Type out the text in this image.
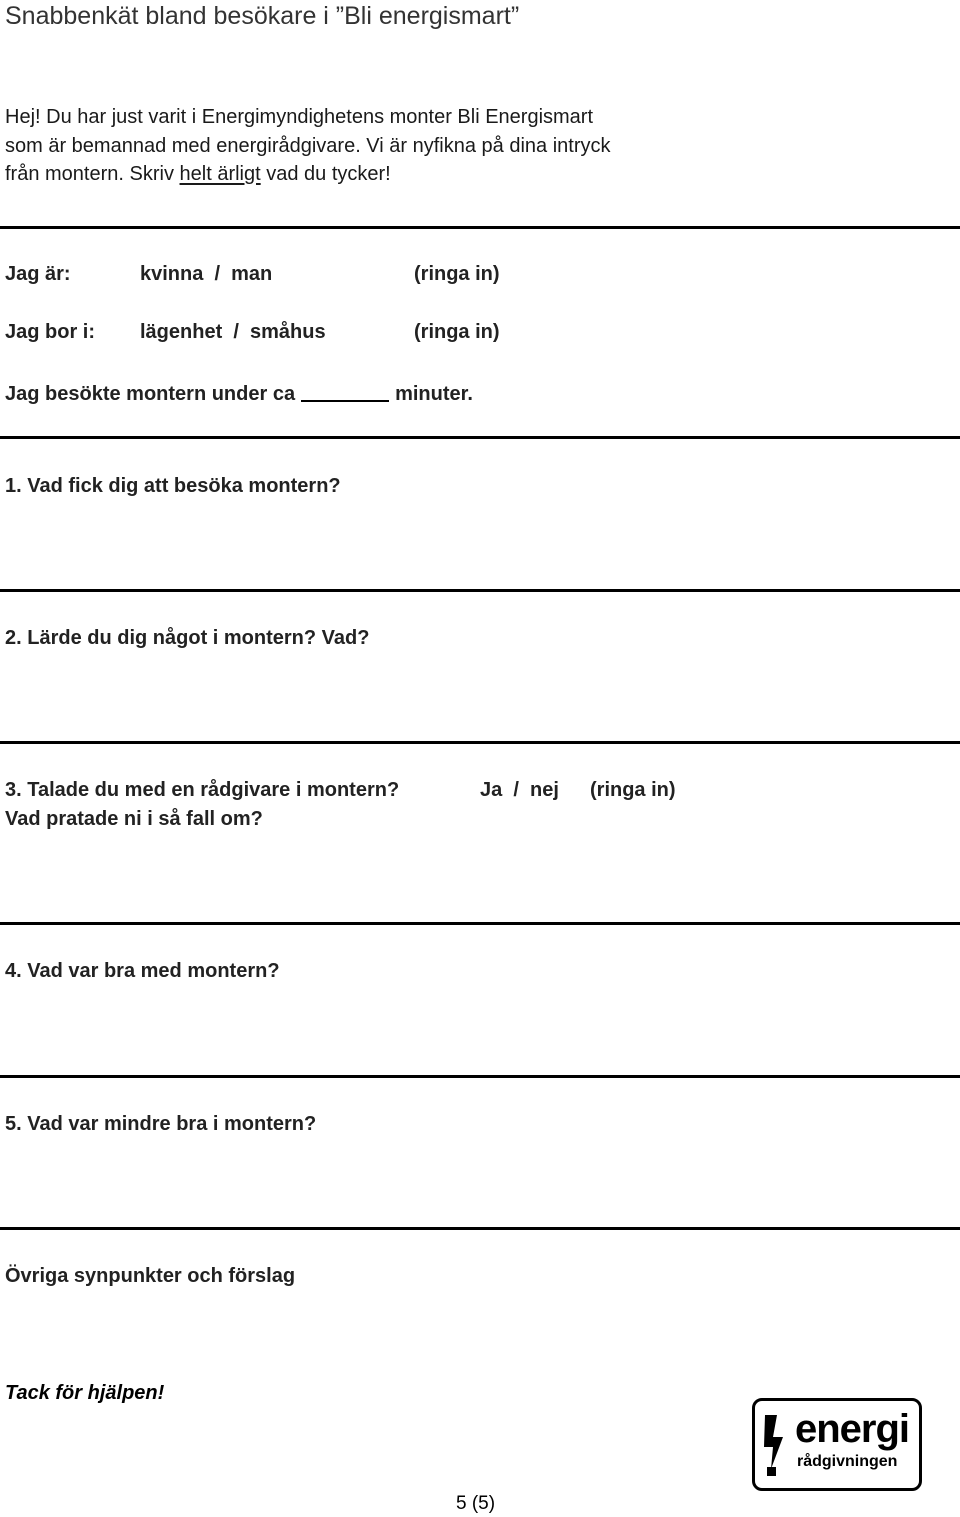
Snabbenkät bland besökare i ”Bli energismart”
Hej! Du har just varit i Energimyndighetens monter Bli Energismart
som är bemannad med energirådgivare. Vi är nyfikna på dina intryck
från montern. Skriv helt ärligt vad du tycker!
Jag är:	kvinna  /  man	(ringa in)
Jag bor i: lägenhet  /  småhus	(ringa in)
Jag besökte montern under ca	minuter.
1. Vad fick dig att besöka montern?
2. Lärde du dig något i montern? Vad?
3. Talade du med en rådgivare i montern?	Ja  /  nej (ringa in)
Vad pratade ni i så fall om?
4. Vad var bra med montern?
5. Vad var mindre bra i montern?
Övriga synpunkter och förslag
Tack för hjälpen!
energi
rådgivningen
5 (5)
